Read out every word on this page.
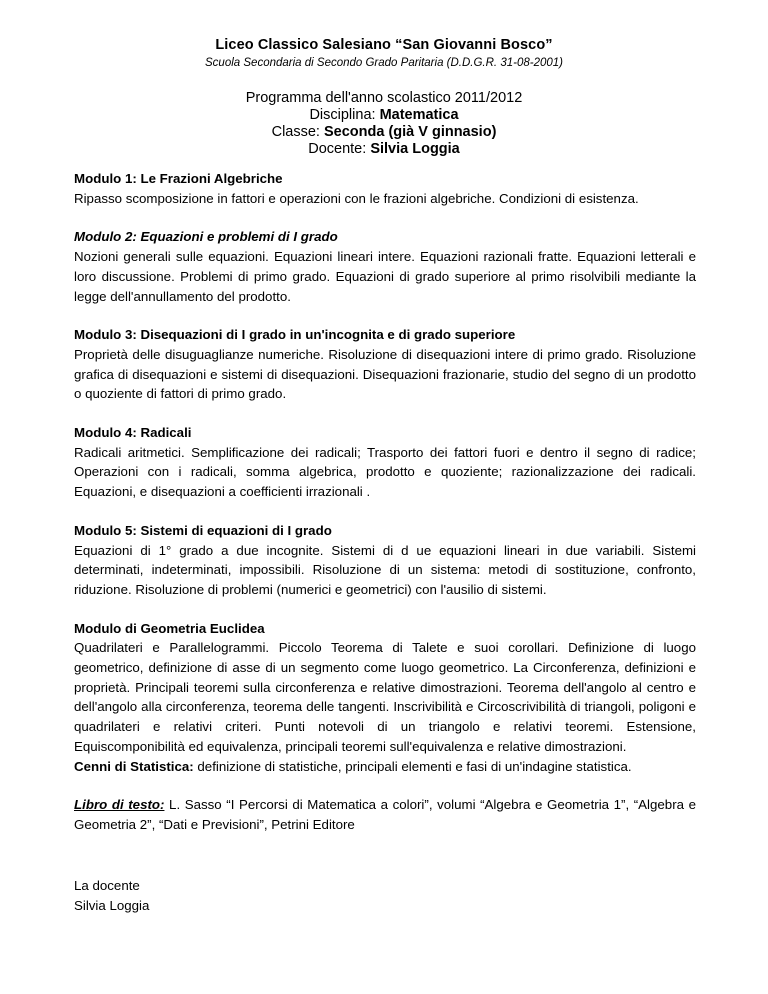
Liceo Classico Salesiano “San Giovanni Bosco”
Scuola Secondaria di Secondo Grado Paritaria (D.D.G.R. 31-08-2001)
Programma dell'anno scolastico 2011/2012
Disciplina: Matematica
Classe: Seconda (già V ginnasio)
Docente: Silvia Loggia

Modulo 1: Le Frazioni Algebriche

Ripasso scomposizione in fattori e operazioni con le frazioni algebriche. Condizioni di esistenza.

Modulo 2: Equazioni e problemi di I grado

Nozioni generali sulle equazioni. Equazioni lineari intere. Equazioni razionali fratte. Equazioni letterali e loro discussione. Problemi di primo grado. Equazioni di grado superiore al primo risolvibili mediante la legge dell'annullamento del prodotto.

Modulo 3: Disequazioni di I grado in un'incognita e di grado superiore

Proprietà delle disuguaglianze numeriche. Risoluzione di disequazioni intere di primo grado. Risoluzione grafica di disequazioni e sistemi di disequazioni. Disequazioni frazionarie, studio del segno di un prodotto o quoziente di fattori di primo grado.

Modulo 4: Radicali

Radicali aritmetici. Semplificazione dei radicali; Trasporto dei fattori fuori e dentro il segno di radice; Operazioni con i radicali, somma algebrica, prodotto e quoziente; razionalizzazione dei radicali. Equazioni, e disequazioni a coefficienti irrazionali .

Modulo 5: Sistemi di equazioni di I grado

Equazioni di 1° grado a due incognite. Sistemi di d ue equazioni lineari in due variabili. Sistemi determinati, indeterminati, impossibili. Risoluzione di un sistema: metodi di sostituzione, confronto, riduzione. Risoluzione di problemi (numerici e geometrici) con l'ausilio di sistemi.

Modulo di Geometria Euclidea

Quadrilateri e Parallelogrammi. Piccolo Teorema di Talete e suoi corollari. Definizione di luogo geometrico, definizione di asse di un segmento come luogo geometrico. La Circonferenza, definizioni e proprietà. Principali teoremi sulla circonferenza e relative dimostrazioni. Teorema dell'angolo al centro e dell'angolo alla circonferenza, teorema delle tangenti. Inscrivibilità e Circoscrivibilità di triangoli, poligoni e quadrilateri e relativi criteri. Punti notevoli di un triangolo e relativi teoremi. Estensione, Equiscomponibilità ed equivalenza, principali teoremi sull'equivalenza e relative dimostrazioni.

Cenni di Statistica: definizione di statistiche, principali elementi e fasi di un'indagine statistica.

Libro di testo: L. Sasso “I Percorsi di Matematica a colori”, volumi “Algebra e Geometria 1”, “Algebra e Geometria 2”, “Dati e Previsioni”, Petrini Editore

La docente
Silvia Loggia
